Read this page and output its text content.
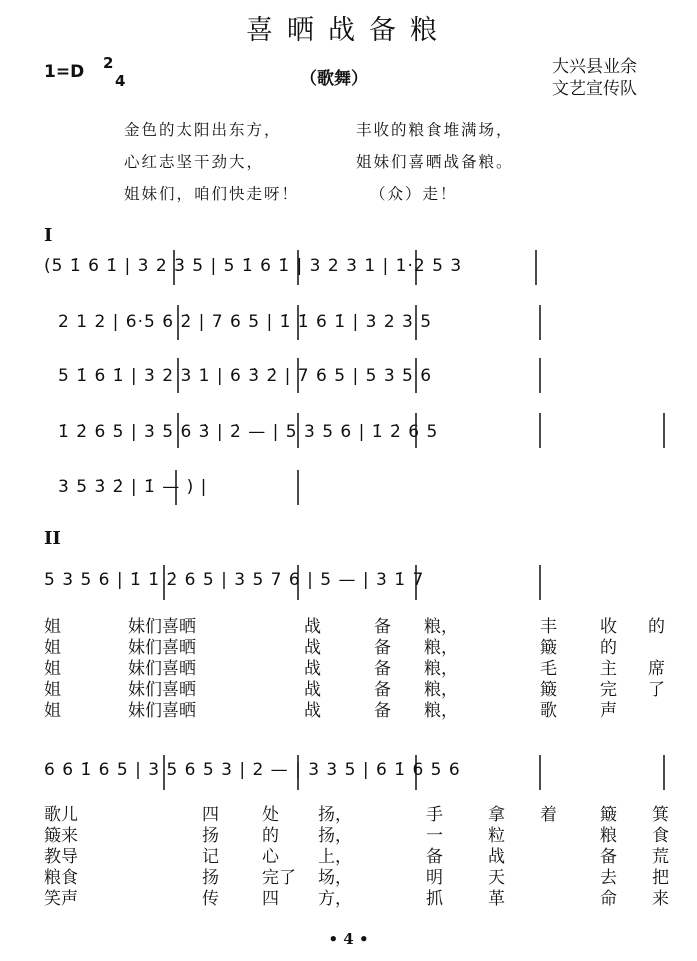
喜晒战备粮
1=D 2
4	（歌舞）
大兴县业余
文艺宣传队
金色的太阳出东方，	丰收的粮食堆满场，
心红志坚干劲大，	姐妹们喜晒战备粮。
姐妹们，咱们快走呀！	（众）走！
I
(5 1̇ 6 1̇ | 3 2 3 5 | 5 1̇ 6 1̇ | 3 2 3 1 | 1·2 5 3
2 1 2 | 6·5 6 2̇ | 7 6 5 | 1̇ 1̇ 6 1̇ | 3 2 3 5
5 1̇ 6 1̇ | 3 2 3 1 | 6 3̇ 2̇ | 7 6 5 | 5 3 5 6
1̇ 2̇ 6 5 | 3 5 6 3̇ | 2̇ — | 5 3 5 6 | 1̇ 2̇ 6 5
3 5 3̇ 2̇ | 1̇ — ) |
II
5 3 5 6 | 1̇ 1̇ 2̇ 6 5 | 3 5 7 6 | 5 — | 3 1̇ 7
姐	妹们喜晒	战	备 粮，	丰	收 的
姐	妹们喜晒	战	备 粮，	簸	的
姐	妹们喜晒	战	备 粮，	毛	主 席
姐	妹们喜晒	战	备 粮，	簸	完 了
姐	妹们喜晒	战	备 粮，	歌	声
6 6 1̇ 6 5 | 3 5 6 5 3 | 2 — | 3 3 5 | 6 1̇ 6 5 6
歌儿	四	处 扬，	手	拿 着	簸 箕
簸来	扬	的 扬，	一	粒	粮 食
教导	记	心 上，	备	战	备 荒
粮食	扬	完了 场，	明	天	去 把
笑声	传	四 方，	抓	革	命 来
• 4 •
